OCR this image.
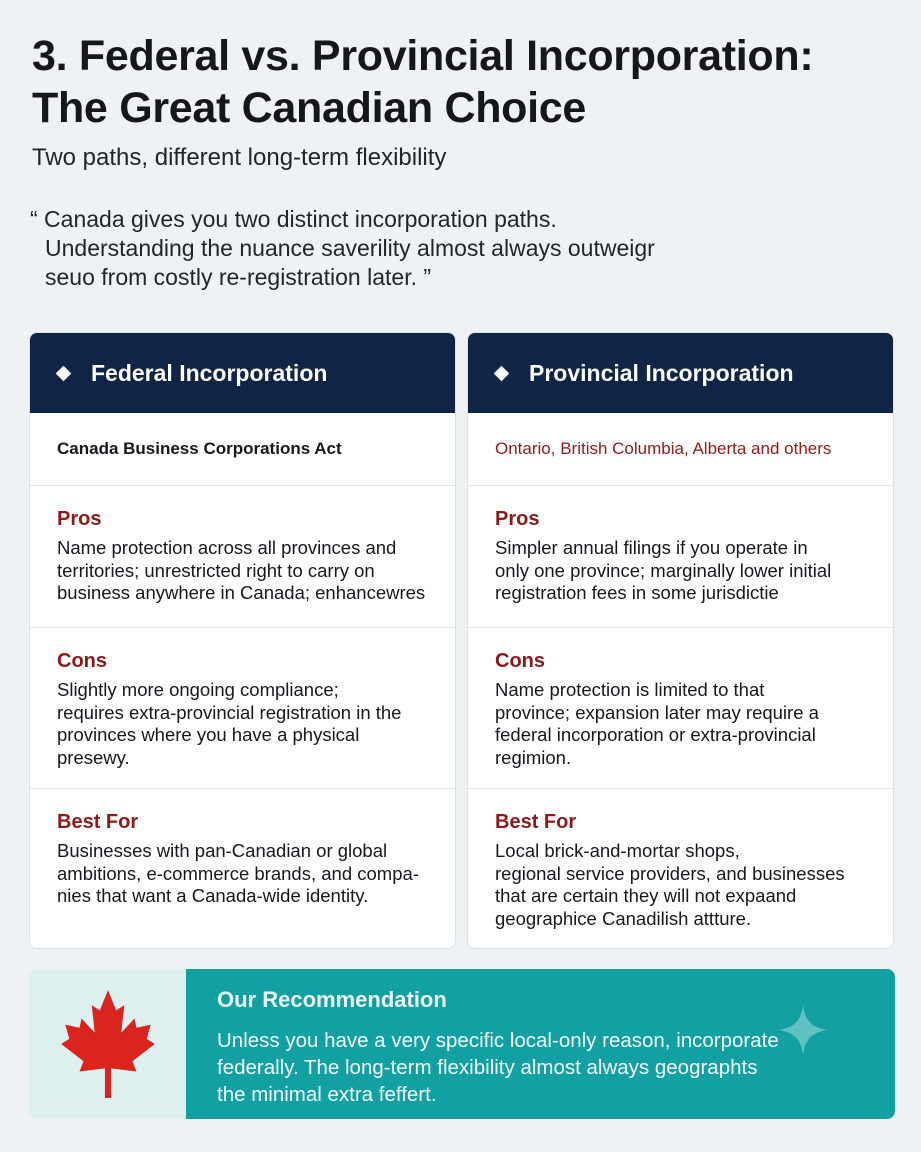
3. Federal vs. Provincial Incorporation:
The Great Canadian Choice
Two paths, different long-term flexibility
“ Canada gives you two distinct incorporation paths.
Understanding the nuance saverility almost always outweigr
seuo from costly re-registration later. ”
Federal Incorporation
Canada Business Corporations Act
Pros
Name protection across all provinces and
territories; unrestricted right to carry on
business anywhere in Canada; enhancewres
Cons
Slightly more ongoing compliance;
requires extra-provincial registration in the
provinces where you have a physical
presewy.
Best For
Businesses with pan-Canadian or global
ambitions, e-commerce brands, and compa-
nies that want a Canada-wide identity.
Provincial Incorporation
Ontario, British Columbia, Alberta and others
Pros
Simpler annual filings if you operate in
only one province; marginally lower initial
registration fees in some jurisdictie
Cons
Name protection is limited to that
province; expansion later may require a
federal incorporation or extra-provincial
regimion.
Best For
Local brick-and-mortar shops,
regional service providers, and businesses
that are certain they will not expaand
geographice Canadilish attture.
Our Recommendation
Unless you have a very specific local-only reason, incorporate
federally. The long-term flexibility almost always geographts
the minimal extra feffert.
